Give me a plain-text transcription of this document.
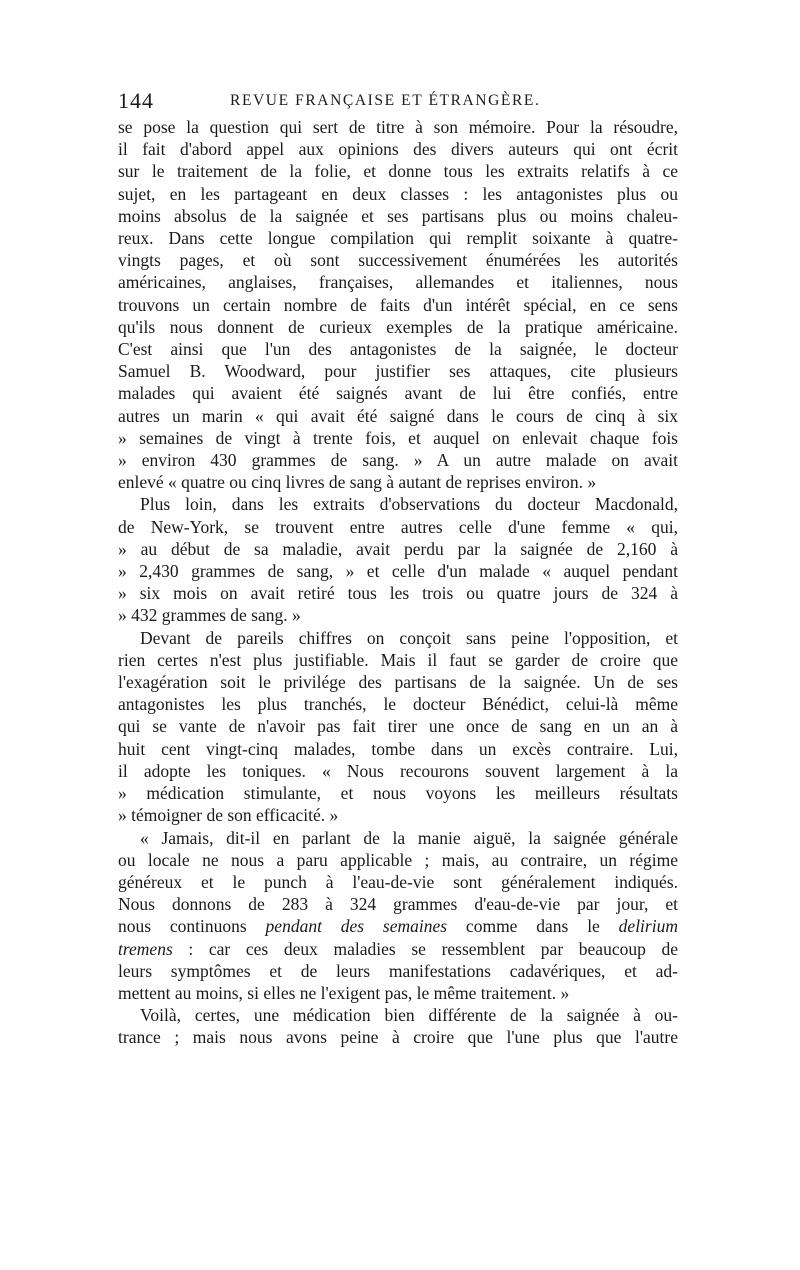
144	REVUE FRANÇAISE ET ÉTRANGÈRE.
se pose la question qui sert de titre à son mémoire. Pour la résoudre,
il fait d'abord appel aux opinions des divers auteurs qui ont écrit
sur le traitement de la folie, et donne tous les extraits relatifs à ce
sujet, en les partageant en deux classes : les antagonistes plus ou
moins absolus de la saignée et ses partisans plus ou moins chaleu-
reux. Dans cette longue compilation qui remplit soixante à quatre-
vingts pages, et où sont successivement énumérées les autorités
américaines, anglaises, françaises, allemandes et italiennes, nous
trouvons un certain nombre de faits d'un intérêt spécial, en ce sens
qu'ils nous donnent de curieux exemples de la pratique américaine.
C'est ainsi que l'un des antagonistes de la saignée, le docteur
Samuel B. Woodward, pour justifier ses attaques, cite plusieurs
malades qui avaient été saignés avant de lui être confiés, entre
autres un marin « qui avait été saigné dans le cours de cinq à six
» semaines de vingt à trente fois, et auquel on enlevait chaque fois
» environ 430 grammes de sang. » A un autre malade on avait
enlevé « quatre ou cinq livres de sang à autant de reprises environ. »
Plus loin, dans les extraits d'observations du docteur Macdonald,
de New-York, se trouvent entre autres celle d'une femme « qui,
» au début de sa maladie, avait perdu par la saignée de 2,160 à
» 2,430 grammes de sang, » et celle d'un malade « auquel pendant
» six mois on avait retiré tous les trois ou quatre jours de 324 à
» 432 grammes de sang. »
Devant de pareils chiffres on conçoit sans peine l'opposition, et
rien certes n'est plus justifiable. Mais il faut se garder de croire que
l'exagération soit le privilége des partisans de la saignée. Un de ses
antagonistes les plus tranchés, le docteur Bénédict, celui-là même
qui se vante de n'avoir pas fait tirer une once de sang en un an à
huit cent vingt-cinq malades, tombe dans un excès contraire. Lui,
il adopte les toniques. « Nous recourons souvent largement à la
» médication stimulante, et nous voyons les meilleurs résultats
» témoigner de son efficacité. »
« Jamais, dit-il en parlant de la manie aiguë, la saignée générale
ou locale ne nous a paru applicable ; mais, au contraire, un régime
généreux et le punch à l'eau-de-vie sont généralement indiqués.
Nous donnons de 283 à 324 grammes d'eau-de-vie par jour, et
nous continuons pendant des semaines comme dans le delirium
tremens : car ces deux maladies se ressemblent par beaucoup de
leurs symptômes et de leurs manifestations cadavériques, et ad-
mettent au moins, si elles ne l'exigent pas, le même traitement. »
Voilà, certes, une médication bien différente de la saignée à ou-
trance ; mais nous avons peine à croire que l'une plus que l'autre
